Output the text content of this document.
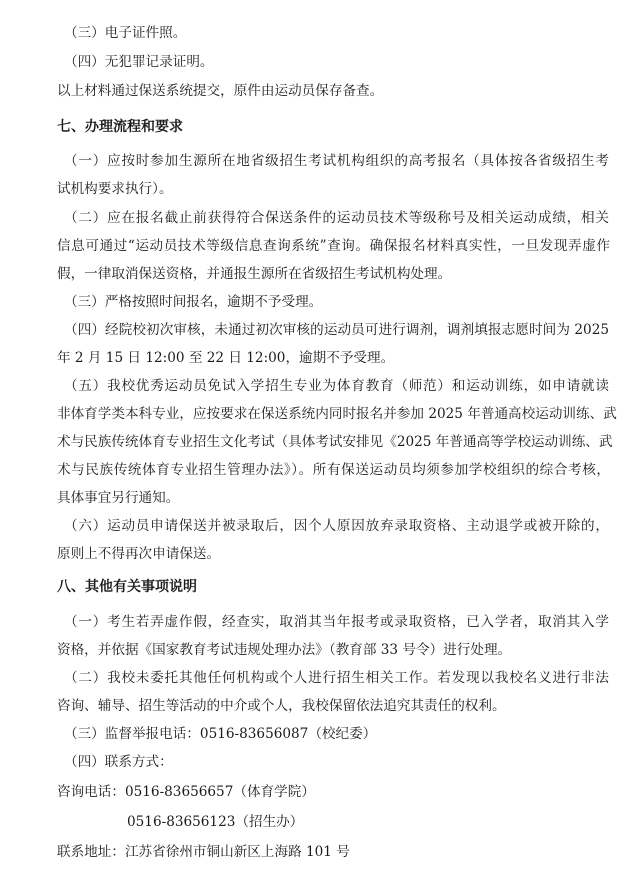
（三）电子证件照。
（四）无犯罪记录证明。
以上材料通过保送系统提交，原件由运动员保存备查。
七、办理流程和要求
（一）应按时参加生源所在地省级招生考试机构组织的高考报名（具体按各省级招生考
试机构要求执行）。
（二）应在报名截止前获得符合保送条件的运动员技术等级称号及相关运动成绩，相关
信息可通过“运动员技术等级信息查询系统”查询。确保报名材料真实性，一旦发现弄虚作
假，一律取消保送资格，并通报生源所在省级招生考试机构处理。
（三）严格按照时间报名，逾期不予受理。
（四）经院校初次审核，未通过初次审核的运动员可进行调剂，调剂填报志愿时间为 2025
年 2 月 15 日 12:00 至 22 日 12:00，逾期不予受理。
（五）我校优秀运动员免试入学招生专业为体育教育（师范）和运动训练，如申请就读
非体育学类本科专业，应按要求在保送系统内同时报名并参加 2025 年普通高校运动训练、武
术与民族传统体育专业招生文化考试（具体考试安排见《2025 年普通高等学校运动训练、武
术与民族传统体育专业招生管理办法》）。所有保送运动员均须参加学校组织的综合考核，
具体事宜另行通知。
（六）运动员申请保送并被录取后，因个人原因放弃录取资格、主动退学或被开除的，
原则上不得再次申请保送。
八、其他有关事项说明
（一）考生若弄虚作假，经查实，取消其当年报考或录取资格，已入学者，取消其入学
资格，并依据《国家教育考试违规处理办法》（教育部 33 号令）进行处理。
（二）我校未委托其他任何机构或个人进行招生相关工作。若发现以我校名义进行非法
咨询、辅导、招生等活动的中介或个人，我校保留依法追究其责任的权利。
（三）监督举报电话：0516-83656087（校纪委）
（四）联系方式：
咨询电话：0516-83656657（体育学院）
0516-83656123（招生办）
联系地址：江苏省徐州市铜山新区上海路 101 号
